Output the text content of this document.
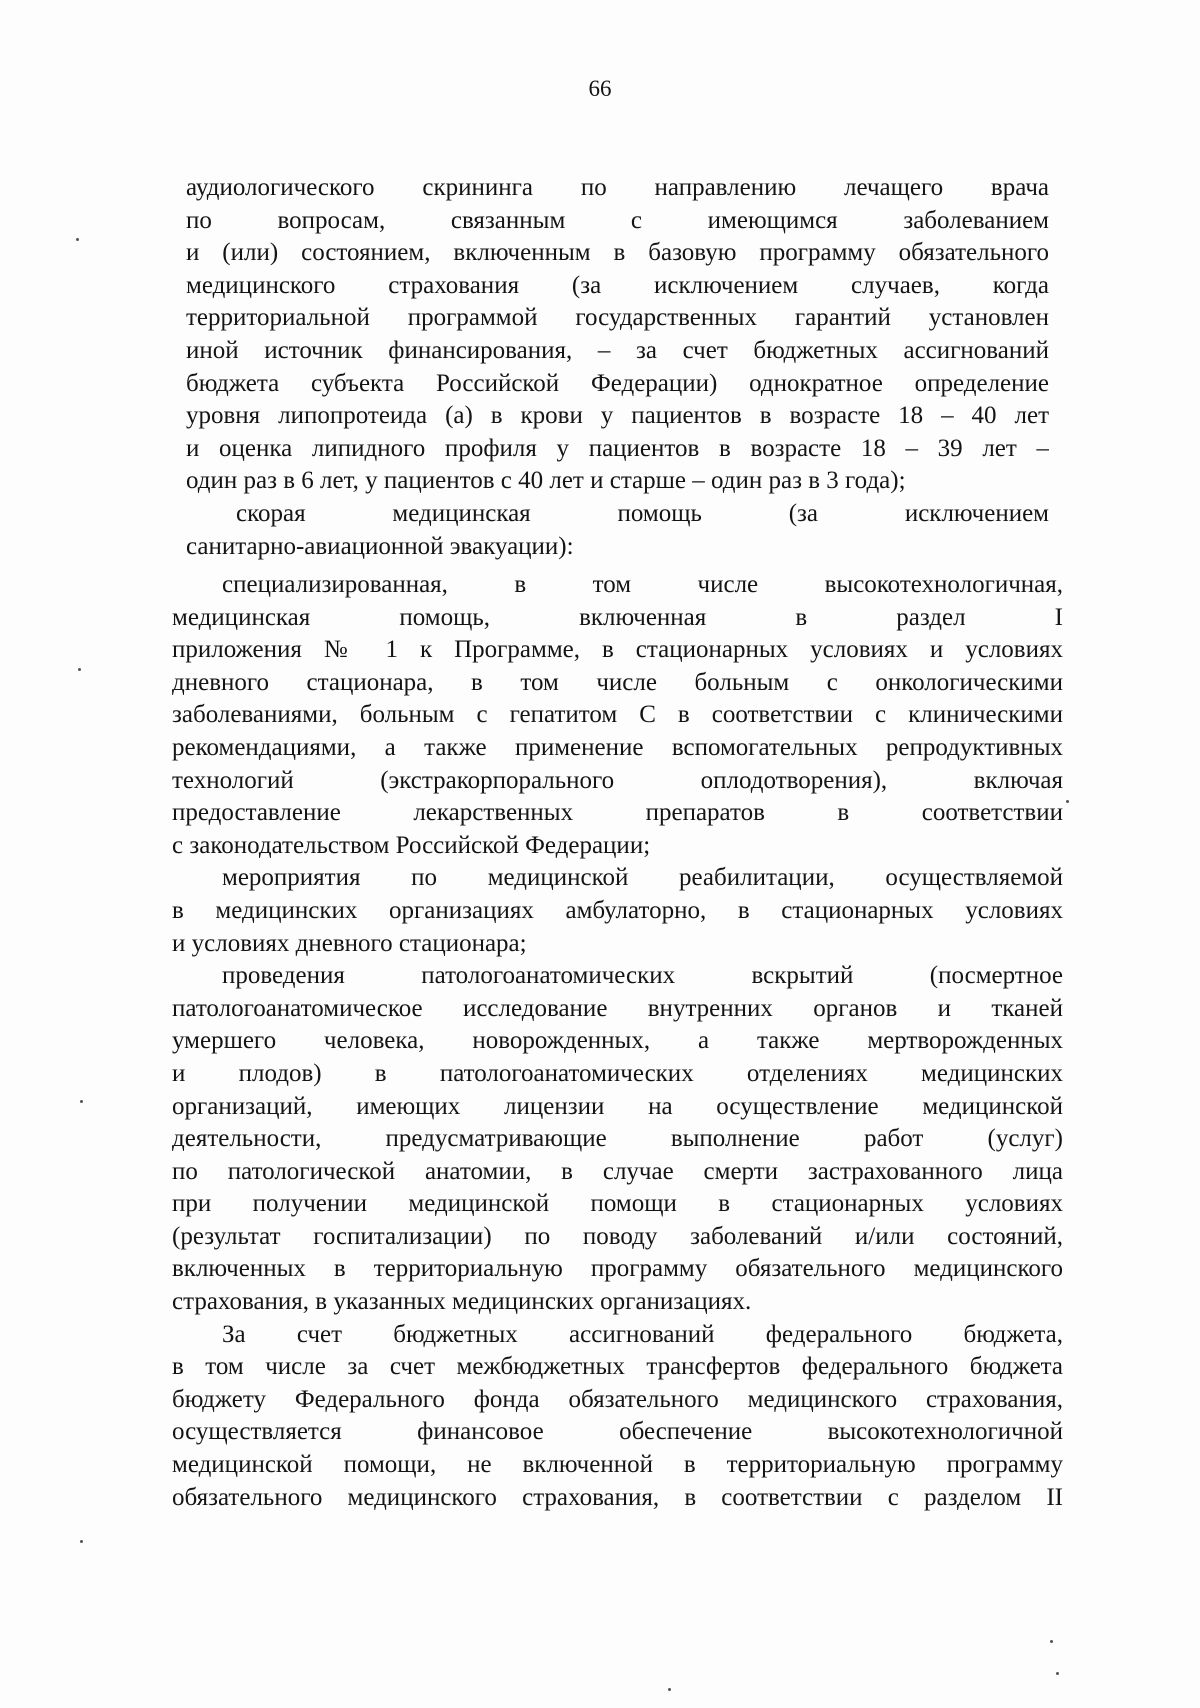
66
аудиологического скрининга по направлению лечащего врача
по вопросам, связанным с имеющимся заболеванием
и (или) состоянием, включенным в базовую программу обязательного
медицинского страхования (за исключением случаев, когда
территориальной программой государственных гарантий установлен
иной источник финансирования, – за счет бюджетных ассигнований
бюджета субъекта Российской Федерации) однократное определение
уровня липопротеида (а) в крови у пациентов в возрасте 18 – 40 лет
и оценка липидного профиля у пациентов в возрасте 18 – 39 лет –
один раз в 6 лет, у пациентов с 40 лет и старше – один раз в 3 года);
скорая медицинская помощь (за исключением
санитарно-авиационной эвакуации):
специализированная, в том числе высокотехнологичная,
медицинская помощь, включенная в раздел I
приложения № 1 к Программе, в стационарных условиях и условиях
дневного стационара, в том числе больным с онкологическими
заболеваниями, больным с гепатитом С в соответствии с клиническими
рекомендациями, а также применение вспомогательных репродуктивных
технологий (экстракорпорального оплодотворения), включая
предоставление лекарственных препаратов в соответствии
с законодательством Российской Федерации;
мероприятия по медицинской реабилитации, осуществляемой
в медицинских организациях амбулаторно, в стационарных условиях
и условиях дневного стационара;
проведения патологоанатомических вскрытий (посмертное
патологоанатомическое исследование внутренних органов и тканей
умершего человека, новорожденных, а также мертворожденных
и плодов) в патологоанатомических отделениях медицинских
организаций, имеющих лицензии на осуществление медицинской
деятельности, предусматривающие выполнение работ (услуг)
по патологической анатомии, в случае смерти застрахованного лица
при получении медицинской помощи в стационарных условиях
(результат госпитализации) по поводу заболеваний и/или состояний,
включенных в территориальную программу обязательного медицинского
страхования, в указанных медицинских организациях.
За счет бюджетных ассигнований федерального бюджета,
в том числе за счет межбюджетных трансфертов федерального бюджета
бюджету Федерального фонда обязательного медицинского страхования,
осуществляется финансовое обеспечение высокотехнологичной
медицинской помощи, не включенной в территориальную программу
обязательного медицинского страхования, в соответствии с разделом II
